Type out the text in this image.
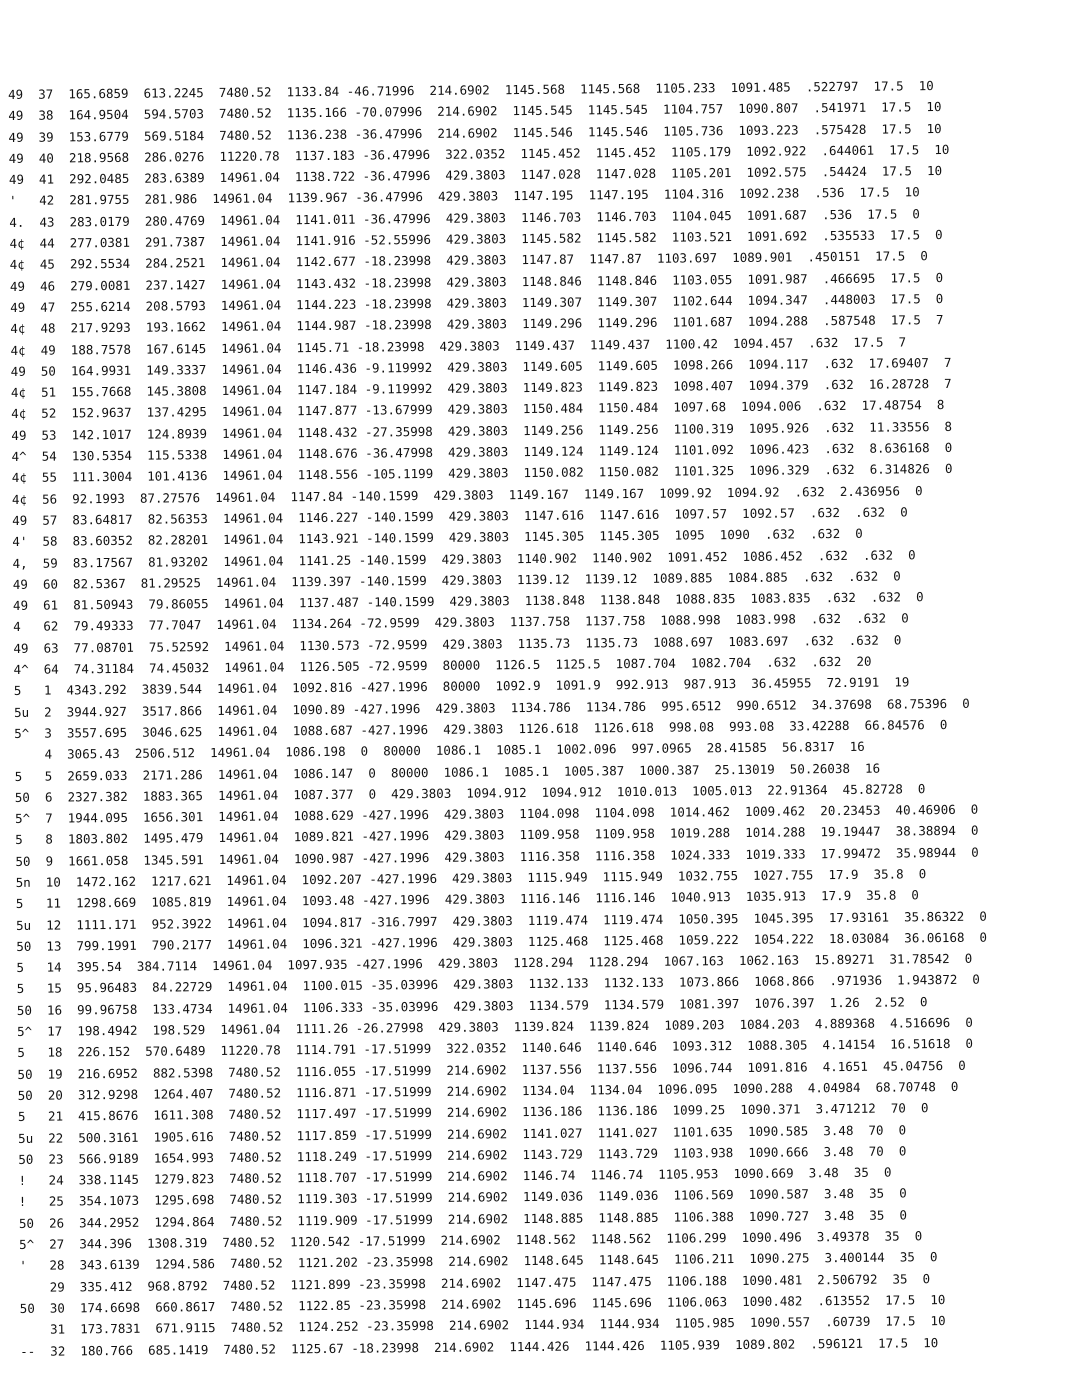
49  37  165.6859  613.2245  7480.52  1133.84 -46.71996  214.6902  1145.568  1145.568  1105.233  1091.485  .522797  17.5  10
49  38  164.9504  594.5703  7480.52  1135.166 -70.07996  214.6902  1145.545  1145.545  1104.757  1090.807  .541971  17.5  10
49  39  153.6779  569.5184  7480.52  1136.238 -36.47996  214.6902  1145.546  1145.546  1105.736  1093.223  .575428  17.5  10
49  40  218.9568  286.0276  11220.78  1137.183 -36.47996  322.0352  1145.452  1145.452  1105.179  1092.922  .644061  17.5  10
49  41  292.0485  283.6389  14961.04  1138.722 -36.47996  429.3803  1147.028  1147.028  1105.201  1092.575  .54424  17.5  10
'   42  281.9755  281.986  14961.04  1139.967 -36.47996  429.3803  1147.195  1147.195  1104.316  1092.238  .536  17.5  10
4.  43  283.0179  280.4769  14961.04  1141.011 -36.47996  429.3803  1146.703  1146.703  1104.045  1091.687  .536  17.5  0
4¢  44  277.0381  291.7387  14961.04  1141.916 -52.55996  429.3803  1145.582  1145.582  1103.521  1091.692  .535533  17.5  0
4¢  45  292.5534  284.2521  14961.04  1142.677 -18.23998  429.3803  1147.87  1147.87  1103.697  1089.901  .450151  17.5  0
49  46  279.0081  237.1427  14961.04  1143.432 -18.23998  429.3803  1148.846  1148.846  1103.055  1091.987  .466695  17.5  0
49  47  255.6214  208.5793  14961.04  1144.223 -18.23998  429.3803  1149.307  1149.307  1102.644  1094.347  .448003  17.5  0
4¢  48  217.9293  193.1662  14961.04  1144.987 -18.23998  429.3803  1149.296  1149.296  1101.687  1094.288  .587548  17.5  7
4¢  49  188.7578  167.6145  14961.04  1145.71 -18.23998  429.3803  1149.437  1149.437  1100.42  1094.457  .632  17.5  7
49  50  164.9931  149.3337  14961.04  1146.436 -9.119992  429.3803  1149.605  1149.605  1098.266  1094.117  .632  17.69407  7
4¢  51  155.7668  145.3808  14961.04  1147.184 -9.119992  429.3803  1149.823  1149.823  1098.407  1094.379  .632  16.28728  7
4¢  52  152.9637  137.4295  14961.04  1147.877 -13.67999  429.3803  1150.484  1150.484  1097.68  1094.006  .632  17.48754  8
49  53  142.1017  124.8939  14961.04  1148.432 -27.35998  429.3803  1149.256  1149.256  1100.319  1095.926  .632  11.33556  8
4^  54  130.5354  115.5338  14961.04  1148.676 -36.47998  429.3803  1149.124  1149.124  1101.092  1096.423  .632  8.636168  0
4¢  55  111.3004  101.4136  14961.04  1148.556 -105.1199  429.3803  1150.082  1150.082  1101.325  1096.329  .632  6.314826  0
4¢  56  92.1993  87.27576  14961.04  1147.84 -140.1599  429.3803  1149.167  1149.167  1099.92  1094.92  .632  2.436956  0
49  57  83.64817  82.56353  14961.04  1146.227 -140.1599  429.3803  1147.616  1147.616  1097.57  1092.57  .632  .632  0
4'  58  83.60352  82.28201  14961.04  1143.921 -140.1599  429.3803  1145.305  1145.305  1095  1090  .632  .632  0
4,  59  83.17567  81.93202  14961.04  1141.25 -140.1599  429.3803  1140.902  1140.902  1091.452  1086.452  .632  .632  0
49  60  82.5367  81.29525  14961.04  1139.397 -140.1599  429.3803  1139.12  1139.12  1089.885  1084.885  .632  .632  0
49  61  81.50943  79.86055  14961.04  1137.487 -140.1599  429.3803  1138.848  1138.848  1088.835  1083.835  .632  .632  0
4   62  79.49333  77.7047  14961.04  1134.264 -72.9599  429.3803  1137.758  1137.758  1088.998  1083.998  .632  .632  0
49  63  77.08701  75.52592  14961.04  1130.573 -72.9599  429.3803  1135.73  1135.73  1088.697  1083.697  .632  .632  0
4^  64  74.31184  74.45032  14961.04  1126.505 -72.9599  80000  1126.5  1125.5  1087.704  1082.704  .632  .632  20
5   1  4343.292  3839.544  14961.04  1092.816 -427.1996  80000  1092.9  1091.9  992.913  987.913  36.45955  72.9191  19
5u  2  3944.927  3517.866  14961.04  1090.89 -427.1996  429.3803  1134.786  1134.786  995.6512  990.6512  34.37698  68.75396  0
5^  3  3557.695  3046.625  14961.04  1088.687 -427.1996  429.3803  1126.618  1126.618  998.08  993.08  33.42288  66.84576  0
4  3065.43  2506.512  14961.04  1086.198  0  80000  1086.1  1085.1  1002.096  997.0965  28.41585  56.8317  16
5   5  2659.033  2171.286  14961.04  1086.147  0  80000  1086.1  1085.1  1005.387  1000.387  25.13019  50.26038  16
50  6  2327.382  1883.365  14961.04  1087.377  0  429.3803  1094.912  1094.912  1010.013  1005.013  22.91364  45.82728  0
5^  7  1944.095  1656.301  14961.04  1088.629 -427.1996  429.3803  1104.098  1104.098  1014.462  1009.462  20.23453  40.46906  0
5   8  1803.802  1495.479  14961.04  1089.821 -427.1996  429.3803  1109.958  1109.958  1019.288  1014.288  19.19447  38.38894  0
50  9  1661.058  1345.591  14961.04  1090.987 -427.1996  429.3803  1116.358  1116.358  1024.333  1019.333  17.99472  35.98944  0
5n  10  1472.162  1217.621  14961.04  1092.207 -427.1996  429.3803  1115.949  1115.949  1032.755  1027.755  17.9  35.8  0
5   11  1298.669  1085.819  14961.04  1093.48 -427.1996  429.3803  1116.146  1116.146  1040.913  1035.913  17.9  35.8  0
5u  12  1111.171  952.3922  14961.04  1094.817 -316.7997  429.3803  1119.474  1119.474  1050.395  1045.395  17.93161  35.86322  0
50  13  799.1991  790.2177  14961.04  1096.321 -427.1996  429.3803  1125.468  1125.468  1059.222  1054.222  18.03084  36.06168  0
5   14  395.54  384.7114  14961.04  1097.935 -427.1996  429.3803  1128.294  1128.294  1067.163  1062.163  15.89271  31.78542  0
5   15  95.96483  84.22729  14961.04  1100.015 -35.03996  429.3803  1132.133  1132.133  1073.866  1068.866  .971936  1.943872  0
50  16  99.96758  133.4734  14961.04  1106.333 -35.03996  429.3803  1134.579  1134.579  1081.397  1076.397  1.26  2.52  0
5^  17  198.4942  198.529  14961.04  1111.26 -26.27998  429.3803  1139.824  1139.824  1089.203  1084.203  4.889368  4.516696  0
5   18  226.152  570.6489  11220.78  1114.791 -17.51999  322.0352  1140.646  1140.646  1093.312  1088.305  4.14154  16.51618  0
50  19  216.6952  882.5398  7480.52  1116.055 -17.51999  214.6902  1137.556  1137.556  1096.744  1091.816  4.1651  45.04756  0
50  20  312.9298  1264.407  7480.52  1116.871 -17.51999  214.6902  1134.04  1134.04  1096.095  1090.288  4.04984  68.70748  0
5   21  415.8676  1611.308  7480.52  1117.497 -17.51999  214.6902  1136.186  1136.186  1099.25  1090.371  3.471212  70  0
5u  22  500.3161  1905.616  7480.52  1117.859 -17.51999  214.6902  1141.027  1141.027  1101.635  1090.585  3.48  70  0
50  23  566.9189  1654.993  7480.52  1118.249 -17.51999  214.6902  1143.729  1143.729  1103.938  1090.666  3.48  70  0
!   24  338.1145  1279.823  7480.52  1118.707 -17.51999  214.6902  1146.74  1146.74  1105.953  1090.669  3.48  35  0
!   25  354.1073  1295.698  7480.52  1119.303 -17.51999  214.6902  1149.036  1149.036  1106.569  1090.587  3.48  35  0
50  26  344.2952  1294.864  7480.52  1119.909 -17.51999  214.6902  1148.885  1148.885  1106.388  1090.727  3.48  35  0
5^  27  344.396  1308.319  7480.52  1120.542 -17.51999  214.6902  1148.562  1148.562  1106.299  1090.496  3.49378  35  0
'   28  343.6139  1294.586  7480.52  1121.202 -23.35998  214.6902  1148.645  1148.645  1106.211  1090.275  3.400144  35  0
29  335.412  968.8792  7480.52  1121.899 -23.35998  214.6902  1147.475  1147.475  1106.188  1090.481  2.506792  35  0
50  30  174.6698  660.8617  7480.52  1122.85 -23.35998  214.6902  1145.696  1145.696  1106.063  1090.482  .613552  17.5  10
31  173.7831  671.9115  7480.52  1124.252 -23.35998  214.6902  1144.934  1144.934  1105.985  1090.557  .60739  17.5  10
--  32  180.766  685.1419  7480.52  1125.67 -18.23998  214.6902  1144.426  1144.426  1105.939  1089.802  .596121  17.5  10
